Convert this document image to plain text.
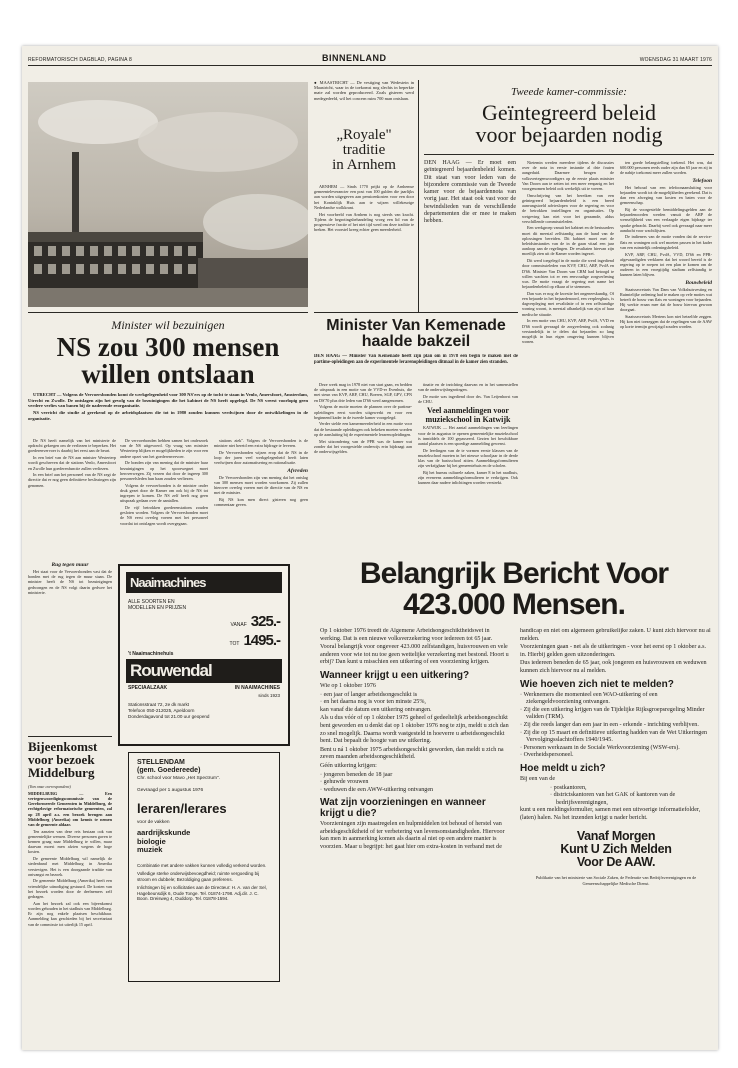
REFORMATORISCH DAGBLAD, PAGINA 8	BINNENLAND	WOENSDAG 31 MAART 1976

● MAASTRICHT — De vestiging van Wedestein in Maastricht, waar in de toekomst nog slechts in beperkte mate zal worden geproduceerd. Zoals gisteren werd medegedeeld, wil het concern ruim 700 man ontslaan.

„Royale"
traditie
in Arnhem

ARNHEM — Sinds 1770 prijkt op de Arnhemse gemeenteleverancier een post van 100 gulden die jaarlijks aan worden uitgegeven aan pensioenkosten voor een door het Koninklijk Huis aan te wijzen willekeurige Nederlandse wolkkrant.

Het voorbeeld van Arnhem is nog steeds van kracht. Tijdens de begrotingsbehandeling vroeg een lid van de progressieve fractie of het niet tijd werd om deze traditie te breken. Het voorstel kreeg echter geen meerderheid.

Tweede kamer-commissie:
Geïntegreerd beleid
voor bejaarden nodig

DEN HAAG — Er moet een geïntegreerd bejaardenbeleid komen. Dit staat van voor leden van de bijzondere commissie van de Tweede kamer voor de bejaardennota van vorig jaar. Het staat ook vast voor de bewindslieden van de verschillende departementen die er mee te maken hebben.

Nietemin werden meerdere tijdens de discussies over de nota in eerste instantie al drie fouten aangeduid. Daarmee beogen de volksvertegenwoordigers op de eerste plaats minister Van Doorn aan te zetten tot een meer eenparig en het voorgenomen beleid ook werkelijk uit te voeren.

Omschrijving van het bereiken van een geïntegreerd bejaardenbeleid is een breed aanvangstoeld advieslopen voor de regering en voor de betrokken instellingen en organisaties. Op wetgeving kan niet voor het geraamde, aldus verschillende commissieleden.

Een werkgroep vanuit het kabinet en de bestuurders moet dit meestal zelfstandig aan de hand van de oplossingen bereiden. Dit kabinet moet met de beleidsinstanties van de in de gaan vitaal een jaar aanloop aan de regelingen. De resultaten hiervan zijn moeilijk zien uit de Kamer worden ingezet.

Dit werd toegelegd in de motie die werd ingediend door commissieleden van KVP, CHU, ARP, PvdA en D'66. Minister Van Doorn van CRM had betoogd te willen wachten tot er een eenvoudige zorgverlening was. De motie vraagt de regering met name het bejaardenbeleid op elkaar af te stemmen.

Dan was er nog de kwestie het ongeneeskundig. Of een bejaarde in het bejaardenoord, een verpleeghuis, is dagverpleging met revalidatie of in een zelfstandige woning woont, is meestal afhankelijk van zijn of haar medische situatie.

In een motie van CHU, KVP, ARP, PvdA, VVD en D'66 wordt gevraagd de zorgverlening ook zodanig verstandelijk in te delen dat bejaarden zo lang mogelijk in hun eigen omgeving kunnen blijven wonen.

ten goede belangstelling toekend. Het was, dat 600.000 personen reeds ouder zijn dan 65 jaar en zij in de nabije toekomst meer zullen worden.

Telefoon

Het behoud van een telefoonaansluiting voor bejaarden wordt tot de mogelijkheden gerekend. Dat is dan een afweging van kosten en baten voor de gemeenschap.

Bij de voorgestelde bemiddelingsgelden aan de bejaardenoorden werden vanuit de ARP de wenselijkheid van een verlaagde eigen bijdrage ter sprake gebracht. Daarbij werd ook gevraagd naar meer aandacht voor wachtlijsten.

De indieners van de motie vonden dat de service-flats en woningen ook wel moeten passen in het kader van een ruimtelijk ordeningsbeleid.

KVP, ARP, CHU, PvdA, VVD, D'66 en PPR-afgevaardigden verklaren dat het woord bereid is de regering op te roepen tot een plan te komen om de ouderen in een vroegtijdig stadium zelfstandig te kunnen laten blijven.

Bouwbeleid

Staatssecretaris Van Dam van Volkshuisvesting en Ruimtelijke ordening had te maken op vele moties wat betreft de bouw van flats en woningen voor bejaarden. Hij werkte eraan mee dat de bouw hiervan gewoon doorgaat.

Staatssecretaris Mertens kon niet hetzelfde zeggen. Hij kon niet toezeggen dat de regelingen van de AAW op korte termijn gewijzigd zouden worden.

Minister wil bezuinigen
NS zou 300 mensen
willen ontslaan

UTRECHT — Volgens de Vervoersbonden komt de werkgelegenheid voor 300 NS'ers op de tocht te staan in Venlo, Amersfoort, Amsterdam, Utrecht en Zwolle. De ontslagen zijn het gevolg van de bezuinigingen die het kabinet de NS heeft opgelegd. De NS vreest voorlopig geen verdere verlies van banen bij de naderende reorganisatie.

NS verricht die studie al gerekend op de arbeidsplaatsen die tot in 1980 zouden kunnen verdwijnen door de ontwikkelingen in de organisatie.

De NS heeft namelijk van het ministerie de opdracht gekregen om de verliezen te beperken. Het goederenvervoer is daarbij het eerst aan de beurt.

In een brief van de NS aan minister Westerterp wordt geschreven dat de stations Venlo, Amersfoort en Zwolle hun goederenfunctie zullen verliezen.

In een brief aan het personeel van de NS zegt de directie dat er nog geen definitieve beslissingen zijn genomen.

De vervoerbonden hebben samen het onderzoek van de NS uitgevoerd. Op vraag van minister Westerterp blijken er mogelijkheden te zijn voor een andere opzet van het goederenvervoer.

De bonden zijn van mening dat de minister haar bezuinigingen op het spoorwegnet moet heroverwegen. Zij vrezen dat door de ingreep 300 personeelsleden hun baan zouden verliezen.

Volgens de vervoerbonden is de minister onder druk gezet door de Kamer om ook bij de NS tot ingrepen te komen. De NS zelf heeft nog geen uitspraak gedaan over de aantallen.

De vijf betrokken goederenstations zouden gesloten worden. Volgens de Vervoersbonden moet de NS eerst overleg voeren met het personeel voordat tot ontslagen wordt overgegaan.

stations ziek". Volgens de Vervoersbonden is de minister niet bereid een extra bijdrage te leveren.

De Vervoersbonden wijzen erop dat de NS in de loop der jaren veel werkgelegenheid heeft laten verdwijnen door automatisering en rationalisatie.

Afvreden

De Vervoersbonden zijn van mening dat het ontslag van 300 mensen moet worden voorkomen. Zij zullen hierover overleg voeren met de directie van de NS en met de minister.

Bij NS kon men direct gisteren nog geen commentaar geven.

Rug tegen muur

Het staat voor de Vervoersbonden vast dat de bonden met de rug tegen de muur staan. De minister heeft de NS tot bezuinigingen gedwongen en de NS volgt daarin gedwee het ministerie.

Minister Van Kemenade
haalde bakzeil

DEN HAAG — Minister Van Kemenade heeft zijn plan om in 1978 een begin te maken met de partime-opleidingen aan de experimentele lerarenopleidingen ditmaal in de kamer zien stranden.

Deze week mag in 1978 niet van start gaan, en bedden de uitspraak in een motie van de VVD-er Evenhuis, die met steun van KVP, ARP, CHU, Boeren, SGP, GPV, CPN en DS'70 plus drie leden van D'66 werd aangenomen.

Volgens de motie moeten de plannen over de partime-opleidingen eerst worden uitgewerkt en voor een beginnend kader in de tweede kamer voorgelegd.

Verder stelde een kamermeerderheid in een motie voor dat de bestaande opleidingen ook bekeken moeten worden op de aansluiting bij de experimentele lerarenopleidingen.

Met uitzondering van de PPR was de kamer wat zonder dat het voorgestelde onderwijs erin bijdraagt aan de onderwijsgelden.

tinatie en de inrichting daarvan en in het samenstellen van de onderwijsbegrotingen.

De motie was ingediend door drs. Van Leijenhorst van de CHU.

Veel aanmeldingen voor muziekschool in Katwijk

KATWIJK — Het aantal aanmeldingen van leerlingen voor de in augustus te openen gemeentelijke muziekschool is inmiddels de 100 gepasseerd. Gezien het beschikbare aantal plaatsen is een spoedige aanmelding gewenst.

De leerlingen van de te vormen eerste klassen van de muziekschool moeten in het nieuwe schooljaar in de derde klas van de basisschool zitten. Aanmeldingsformulieren zijn verkrijgbaar bij het gemeentehuis en de scholen.

Bij het bureau culturele zaken, kamer 8 in het raadhuis, zijn eveneens aanmeldingsformulieren te verkrijgen. Ook kunnen daar nadere inlichtingen worden verstrekt.

Naaimachines
ALLE SOORTEN EN
MODELLEN EN PRIJZEN
VANAF 325.-
TOT 1495.-
't Naaimachinehuis
Rouwendal
SPECIAALZAAK	IN NAAIMACHINES
sinds 1923
Stationsstraat 72, 2e dk markt
Telefoon 050-212025, Apeldoorn
Donderdagavond tot 21.00 uur geopend
Bijeenkomst
voor bezoek
Middelburg

(Van onze correspondent)

MIDDELBURG — Een vertegenwoordigingscommissie van de Gereformeerde Gemeenten in Middelburg, de rechtgelovige reformatorische gemeenten, zal op 28 april a.s. een bezoek brengen aan Middelburg (Amerika) om kennis te nemen van de gemeente aldaar.

Ten aanzien van deze reis bestaan ook van gemeentelijke wensen. Diverse personen gaven te kennen graag naar Middelburg te willen, maar daarvan moest men afzien wegens de hoge kosten.

De gemeente Middelburg wil namelijk de stedenband met Middelburg in Amerika verstevigen. Het is een doorgaande traditie van ontvangst en bezoek.

De gemeente Middelburg (Amerika) heeft een vriendelijke uitnodiging gestuurd. De kosten van het bezoek worden door de deelnemers zelf gedragen.

Aan het bezoek zal ook een bijeenkomst worden gehouden in het stadhuis van Middelburg. Er zijn nog enkele plaatsen beschikbaar. Aanmelding kan geschieden bij het secretariaat van de commissie tot uiterlijk 15 april.

STELLENDAM
(gem. Goedereede)
Chr. school voor Mavo „Het Spectrum".
Gevraagd per 1 augustus 1976
leraren/lerares
voor de vakken
aardrijkskunde
biologie
muziek

Combinatie met andere vakken kunnen volledig verkend worden.

Volledige sterke onderwijsbevoegdheid; ruimte vergoeding bij stroom en dubbele; Bezoldiging gaan preferens.

Inlichtingen bij en sollicitaties aan de Directeur: H. A. van der Sel, Hagebeunsdijk 6, Oude Tonge. Tel. 01874-1798. Adj.dir. J. C. Boon. Dreisweg 4, Ouddorp. Tel. 01878-1594.

Belangrijk Bericht Voor
423.000 Mensen.

Op 1 oktober 1976 treedt de Algemene Arbeidsongeschiktheidswet in werking. Dat is een nieuwe volksverzekering voor iedereen tot 65 jaar.

Vooral belangrijk voor ongeveer 423.000 zelfstandigen, huisvrouwen en vele anderen voor wie tot nu toe geen wettelijke verzekering met bestond. Hoort u erbij? Dan kunt u misschien een uitkering of een voorziening krijgen.

Wanneer krijgt u een uitkering?

Wie op 1 oktober 1976

· een jaar of langer arbeidsongeschikt is
· en het daarna nog is voor ten minste 25%,

kan vanaf die datum een uitkering ontvangen.

Als u dus vóór of op 1 oktober 1975 geheel of gedeeltelijk arbeidsongeschikt bent geworden en u denkt dat op 1 oktober 1976 nog te zijn, meldt u zich dan zo snel mogelijk. Daarna wordt vastgesteld in hoeverre u arbeidsongeschikt bent. Dat bepaalt de hoogte van uw uitkering.

Bent u ná 1 oktober 1975 arbeidsongeschikt geworden, dan meldt u zich na zeven maanden arbeidsongeschiktheid.

Géén uitkering krijgen:

· jongeren beneden de 18 jaar
· gehuwde vrouwen
· weduwen die een AWW-uitkering ontvangen
Wat zijn voorzieningen en wanneer krijgt u die?

Voorzieningen zijn maatregelen en hulpmiddelen tot behoud of herstel van arbeidsgeschiktheid of ter verbetering van levensomstandigheden. Hiervoor kan men in aanmerking komen als daarin al niet op een andere manier is voorzien. Maar u begrijpt: het gaat hier om extra-kosten in verband met de

handicap en niet om algemeen gebruikelijke zaken. U kunt zich hiervoor nu al melden.

Voorzieningen gaan - net als de uitkeringen - voor het eerst op 1 oktober a.s. in. Hierbij gelden geen uitzonderingen.

Dus iedereen beneden de 65 jaar, ook jongeren en huisvrouwen en weduwen kunnen zich hiervoor nu al melden.

Wie hoeven zich niet te melden?
· Werknemers die momenteel een WAO-uitkering of een ziekengeldvoorziening ontvangen.
· Zij die een uitkering krijgen van de Tijdelijke Rijksgroepsregeling Minder validen (TRM).
· Zij die reeds langer dan een jaar in een - erkende - inrichting verblijven.
· Zij die op 15 maart en definitieve uitkering hadden van de Wet Uitkeringen Vervolgingsslachtoffers 1940/1945.
· Personen werkzaam in de Sociale Werkvoorziening (WSW-ers).
· Overheidspersoneel.
Hoe meldt u zich?

Bij een van de

· postkantoren,
· districtskantoren van het GAK of kantoren van de bedrijfsverenigingen,

kunt u een meldingsformulier, samen met een uitvoerige informatiefolder, (laten) halen. Na het inzenden krijgt u nader bericht.

Vanaf Morgen
Kunt U Zich Melden
Voor De AAW.

Publikatie van het ministerie van Sociale Zaken, de Federatie van Bedrijfsverenigingen en de Gemeenschappelijke Medische Dienst.
